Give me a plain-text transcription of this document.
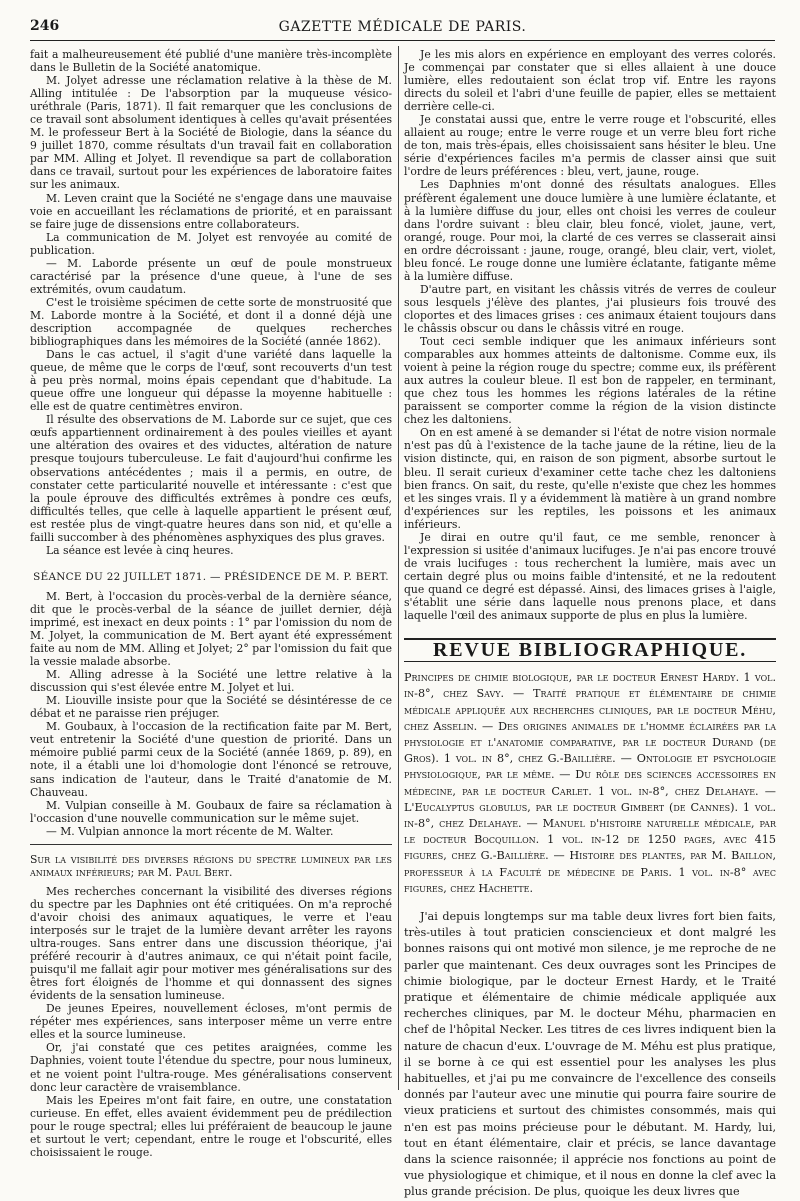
246	GAZETTE MÉDICALE DE PARIS.

fait a malheureusement été publié d'une manière très-incomplète dans le Bulletin de la Société anatomique.

M. Jolyet adresse une réclamation relative à la thèse de M. Alling intitulée : De l'absorption par la muqueuse vésico-uréthrale (Paris, 1871). Il fait remarquer que les conclusions de ce travail sont absolument identiques à celles qu'avait présentées M. le professeur Bert à la Société de Biologie, dans la séance du 9 juillet 1870, comme résultats d'un travail fait en collaboration par MM. Alling et Jolyet. Il revendique sa part de collaboration dans ce travail, surtout pour les expériences de laboratoire faites sur les animaux.

M. Leven craint que la Société ne s'engage dans une mauvaise voie en accueillant les réclamations de priorité, et en paraissant se faire juge de dissensions entre collaborateurs.

La communication de M. Jolyet est renvoyée au comité de publication.

— M. Laborde présente un œuf de poule monstrueux caractérisé par la présence d'une queue, à l'une de ses extrémités, ovum caudatum.

C'est le troisième spécimen de cette sorte de monstruosité que M. Laborde montre à la Société, et dont il a donné déjà une description accompagnée de quelques recherches bibliographiques dans les mémoires de la Société (année 1862).

Dans le cas actuel, il s'agit d'une variété dans laquelle la queue, de même que le corps de l'œuf, sont recouverts d'un test à peu près normal, moins épais cependant que d'habitude. La queue offre une longueur qui dépasse la moyenne habituelle : elle est de quatre centimètres environ.

Il résulte des observations de M. Laborde sur ce sujet, que ces œufs appartiennent ordinairement à des poules vieilles et ayant une altération des ovaires et des viductes, altération de nature presque toujours tuberculeuse. Le fait d'aujourd'hui confirme les observations antécédentes ; mais il a permis, en outre, de constater cette particularité nouvelle et intéressante : c'est que la poule éprouve des difficultés extrêmes à pondre ces œufs, difficultés telles, que celle à laquelle appartient le présent œuf, est restée plus de vingt-quatre heures dans son nid, et qu'elle a failli succomber à des phénomènes asphyxiques des plus graves.

La séance est levée à cinq heures.

SÉANCE DU 22 JUILLET 1871. — PRÉSIDENCE DE M. P. BERT.

M. Bert, à l'occasion du procès-verbal de la dernière séance, dit que le procès-verbal de la séance de juillet dernier, déjà imprimé, est inexact en deux points : 1° par l'omission du nom de M. Jolyet, la communication de M. Bert ayant été expressément faite au nom de MM. Alling et Jolyet; 2° par l'omission du fait que la vessie malade absorbe.

M. Alling adresse à la Société une lettre relative à la discussion qui s'est élevée entre M. Jolyet et lui.

M. Liouville insiste pour que la Société se désintéresse de ce débat et ne paraisse rien préjuger.

M. Goubaux, à l'occasion de la rectification faite par M. Bert, veut entretenir la Société d'une question de priorité. Dans un mémoire publié parmi ceux de la Société (année 1869, p. 89), en note, il a établi une loi d'homologie dont l'énoncé se retrouve, sans indication de l'auteur, dans le Traité d'anatomie de M. Chauveau.

M. Vulpian conseille à M. Goubaux de faire sa réclamation à l'occasion d'une nouvelle communication sur le même sujet.

— M. Vulpian annonce la mort récente de M. Walter.

Sur la visibilité des diverses régions du spectre lumineux par les animaux inférieurs; par M. Paul Bert.

Mes recherches concernant la visibilité des diverses régions du spectre par les Daphnies ont été critiquées. On m'a reproché d'avoir choisi des animaux aquatiques, le verre et l'eau interposés sur le trajet de la lumière devant arrêter les rayons ultra-rouges. Sans entrer dans une discussion théorique, j'ai préféré recourir à d'autres animaux, ce qui n'était point facile, puisqu'il me fallait agir pour motiver mes généralisations sur des êtres fort éloignés de l'homme et qui donnassent des signes évidents de la sensation lumineuse.

De jeunes Epeires, nouvellement écloses, m'ont permis de répéter mes expériences, sans interposer même un verre entre elles et la source lumineuse.

Or, j'ai constaté que ces petites araignées, comme les Daphnies, voient toute l'étendue du spectre, pour nous lumineux, et ne voient point l'ultra-rouge. Mes généralisations conservent donc leur caractère de vraisemblance.

Mais les Epeires m'ont fait faire, en outre, une constatation curieuse. En effet, elles avaient évidemment peu de prédilection pour le rouge spectral; elles lui préféraient de beaucoup le jaune et surtout le vert; cependant, entre le rouge et l'obscurité, elles choisissaient le rouge.

Je les mis alors en expérience en employant des verres colorés. Je commençai par constater que si elles allaient à une douce lumière, elles redoutaient son éclat trop vif. Entre les rayons directs du soleil et l'abri d'une feuille de papier, elles se mettaient derrière celle-ci.

Je constatai aussi que, entre le verre rouge et l'obscurité, elles allaient au rouge; entre le verre rouge et un verre bleu fort riche de ton, mais très-épais, elles choisissaient sans hésiter le bleu. Une série d'expériences faciles m'a permis de classer ainsi que suit l'ordre de leurs préférences : bleu, vert, jaune, rouge.

Les Daphnies m'ont donné des résultats analogues. Elles préfèrent également une douce lumière à une lumière éclatante, et à la lumière diffuse du jour, elles ont choisi les verres de couleur dans l'ordre suivant : bleu clair, bleu foncé, violet, jaune, vert, orangé, rouge. Pour moi, la clarté de ces verres se classerait ainsi en ordre décroissant : jaune, rouge, orangé, bleu clair, vert, violet, bleu foncé. Le rouge donne une lumière éclatante, fatigante même à la lumière diffuse.

D'autre part, en visitant les châssis vitrés de verres de couleur sous lesquels j'élève des plantes, j'ai plusieurs fois trouvé des cloportes et des limaces grises : ces animaux étaient toujours dans le châssis obscur ou dans le châssis vitré en rouge.

Tout ceci semble indiquer que les animaux inférieurs sont comparables aux hommes atteints de daltonisme. Comme eux, ils voient à peine la région rouge du spectre; comme eux, ils préfèrent aux autres la couleur bleue. Il est bon de rappeler, en terminant, que chez tous les hommes les régions latérales de la rétine paraissent se comporter comme la région de la vision distincte chez les daltoniens.

On en est amené à se demander si l'état de notre vision normale n'est pas dû à l'existence de la tache jaune de la rétine, lieu de la vision distincte, qui, en raison de son pigment, absorbe surtout le bleu. Il serait curieux d'examiner cette tache chez les daltoniens bien francs. On sait, du reste, qu'elle n'existe que chez les hommes et les singes vrais. Il y a évidemment là matière à un grand nombre d'expériences sur les reptiles, les poissons et les animaux inférieurs.

Je dirai en outre qu'il faut, ce me semble, renoncer à l'expression si usitée d'animaux lucifuges. Je n'ai pas encore trouvé de vrais lucifuges : tous recherchent la lumière, mais avec un certain degré plus ou moins faible d'intensité, et ne la redoutent que quand ce degré est dépassé. Ainsi, des limaces grises à l'aigle, s'établit une série dans laquelle nous prenons place, et dans laquelle l'œil des animaux supporte de plus en plus la lumière.

REVUE BIBLIOGRAPHIQUE.

Principes de chimie biologique, par le docteur Ernest Hardy. 1 vol. in-8°, chez Savy. — Traité pratique et élémentaire de chimie médicale appliquée aux recherches cliniques, par le docteur Méhu, chez Asselin. — Des origines animales de l'homme éclairées par la physiologie et l'anatomie comparative, par le docteur Durand (de Gros). 1 vol. in 8°, chez G.-Baillière. — Ontologie et psychologie physiologique, par le même. — Du rôle des sciences accessoires en médecine, par le docteur Carlet. 1 vol. in-8°, chez Delahaye. — L'Eucalyptus globulus, par le docteur Gimbert (de Cannes). 1 vol. in-8°, chez Delahaye. — Manuel d'histoire naturelle médicale, par le docteur Bocquillon. 1 vol. in-12 de 1250 pages, avec 415 figures, chez G.-Baillière. — Histoire des plantes, par M. Baillon, professeur à la Faculté de médecine de Paris. 1 vol. in-8° avec figures, chez Hachette.

J'ai depuis longtemps sur ma table deux livres fort bien faits, très-utiles à tout praticien consciencieux et dont malgré les bonnes raisons qui ont motivé mon silence, je me reproche de ne parler que maintenant. Ces deux ouvrages sont les Principes de chimie biologique, par le docteur Ernest Hardy, et le Traité pratique et élémentaire de chimie médicale appliquée aux recherches cliniques, par M. le docteur Méhu, pharmacien en chef de l'hôpital Necker. Les titres de ces livres indiquent bien la nature de chacun d'eux. L'ouvrage de M. Méhu est plus pratique, il se borne à ce qui est essentiel pour les analyses les plus habituelles, et j'ai pu me convaincre de l'excellence des conseils donnés par l'auteur avec une minutie qui pourra faire sourire de vieux praticiens et surtout des chimistes consommés, mais qui n'en est pas moins précieuse pour le débutant. M. Hardy, lui, tout en étant élémentaire, clair et précis, se lance davantage dans la science raisonnée; il apprécie nos fonctions au point de vue physiologique et chimique, et il nous en donne la clef avec la plus grande précision. De plus, quoique les deux livres que
